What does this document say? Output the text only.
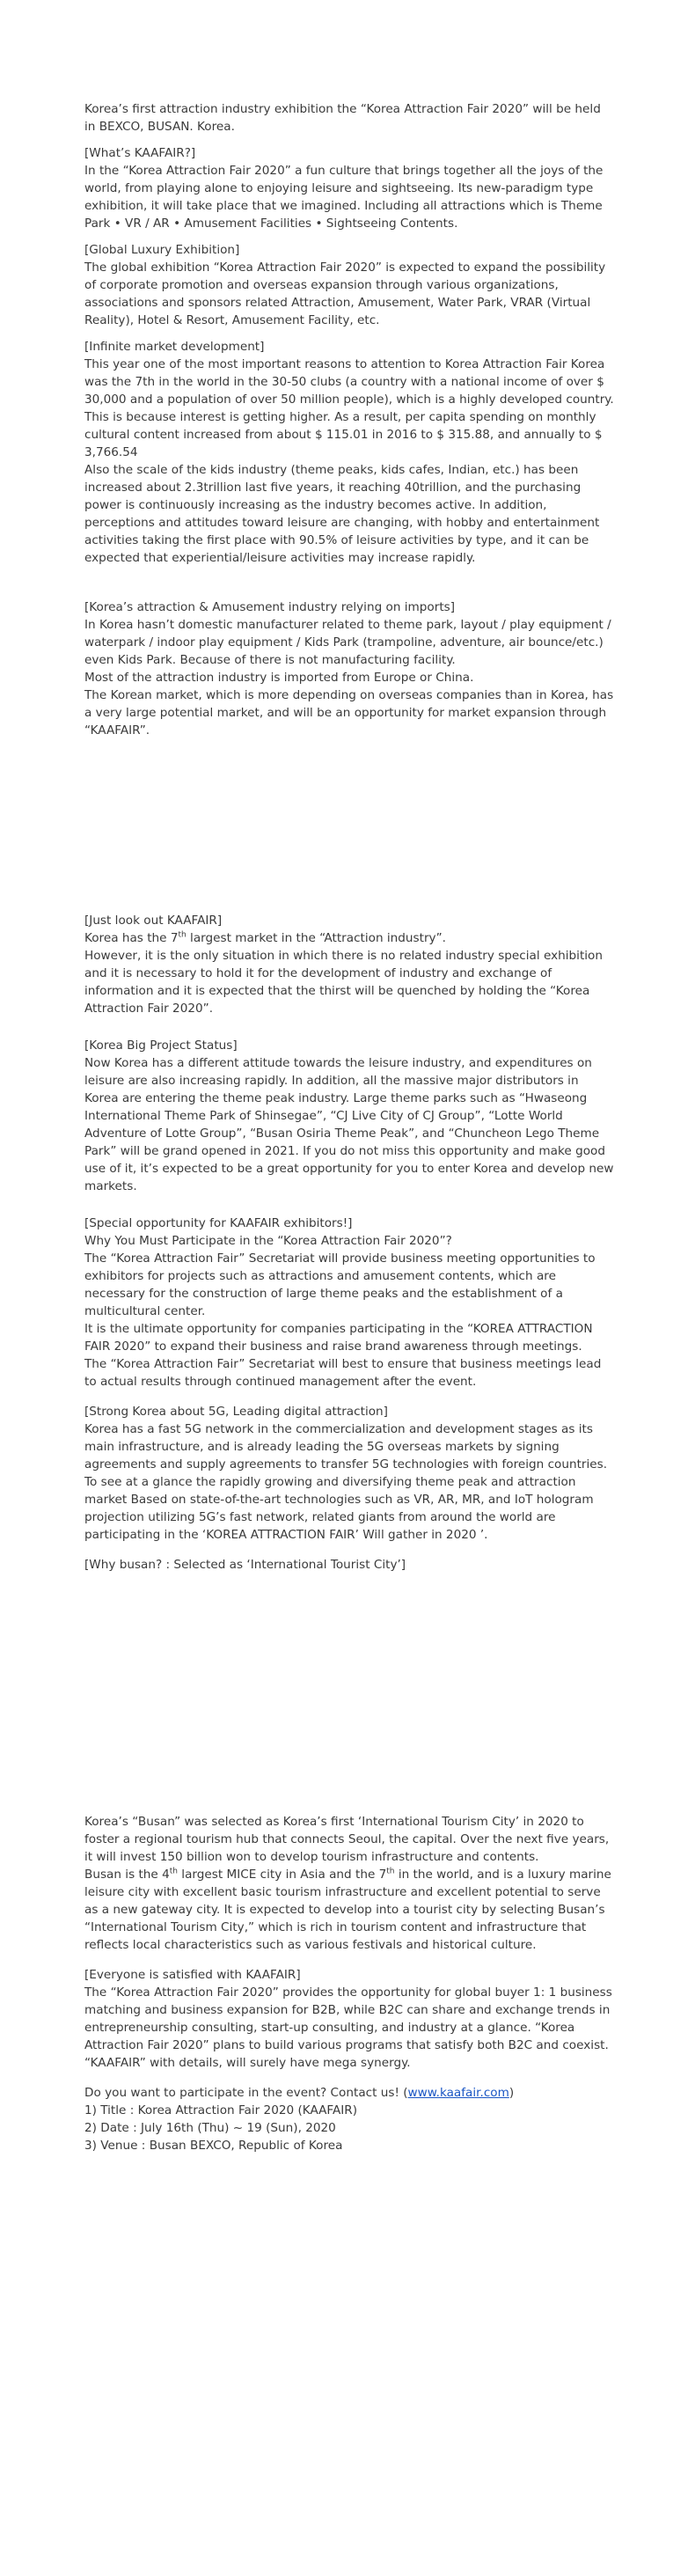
Korea’s first attraction industry exhibition the “Korea Attraction Fair 2020” will be held in BEXCO, BUSAN. Korea.

[What’s KAAFAIR?]

In the “Korea Attraction Fair 2020” a fun culture that brings together all the joys of the world, from playing alone to enjoying leisure and sightseeing. Its new-paradigm type exhibition, it will take place that we imagined. Including all attractions which is Theme Park • VR / AR • Amusement Facilities • Sightseeing Contents.

[Global Luxury Exhibition]

The global exhibition “Korea Attraction Fair 2020” is expected to expand the possibility of corporate promotion and overseas expansion through various organizations, associations and sponsors related Attraction, Amusement, Water Park, VRAR (Virtual Reality), Hotel & Resort, Amusement Facility, etc.

[Infinite market development]

This year one of the most important reasons to attention to Korea Attraction Fair Korea was the 7th in the world in the 30-50 clubs (a country with a national income of over $ 30,000 and a population of over 50 million people), which is a highly developed country. This is because interest is getting higher. As a result, per capita spending on monthly cultural content increased from about $ 115.01 in 2016 to $ 315.88, and annually to $ 3,766.54

Also the scale of the kids industry (theme peaks, kids cafes, Indian, etc.) has been increased about 2.3trillion last five years, it reaching 40trillion, and the purchasing power is continuously increasing as the industry becomes active. In addition, perceptions and attitudes toward leisure are changing, with hobby and entertainment activities taking the first place with 90.5% of leisure activities by type, and it can be expected that experiential/leisure activities may increase rapidly.

[Korea’s attraction & Amusement industry relying on imports]

In Korea hasn’t domestic manufacturer related to theme park, layout / play equipment / waterpark / indoor play equipment / Kids Park (trampoline, adventure, air bounce/etc.) even Kids Park. Because of there is not manufacturing facility.

Most of the attraction industry is imported from Europe or China.

The Korean market, which is more depending on overseas companies than in Korea, has a very large potential market, and will be an opportunity for market expansion through “KAAFAIR”.

[Just look out KAAFAIR]

Korea has the 7th largest market in the “Attraction industry”.

However, it is the only situation in which there is no related industry special exhibition and it is necessary to hold it for the development of industry and exchange of information and it is expected that the thirst will be quenched by holding the “Korea Attraction Fair 2020”.

[Korea Big Project Status]

Now Korea has a different attitude towards the leisure industry, and expenditures on leisure are also increasing rapidly. In addition, all the massive major distributors in Korea are entering the theme peak industry. Large theme parks such as “Hwaseong International Theme Park of Shinsegae”, “CJ Live City of CJ Group”, “Lotte World Adventure of Lotte Group”, “Busan Osiria Theme Peak”, and “Chuncheon Lego Theme Park” will be grand opened in 2021. If you do not miss this opportunity and make good use of it, it’s expected to be a great opportunity for you to enter Korea and develop new markets.

[Special opportunity for KAAFAIR exhibitors!]

Why You Must Participate in the “Korea Attraction Fair 2020”?

The “Korea Attraction Fair” Secretariat will provide business meeting opportunities to exhibitors for projects such as attractions and amusement contents, which are necessary for the construction of large theme peaks and the establishment of a multicultural center.

It is the ultimate opportunity for companies participating in the “KOREA ATTRACTION FAIR 2020” to expand their business and raise brand awareness through meetings.

The “Korea Attraction Fair” Secretariat will best to ensure that business meetings lead to actual results through continued management after the event.

[Strong Korea about 5G, Leading digital attraction]

Korea has a fast 5G network in the commercialization and development stages as its main infrastructure, and is already leading the 5G overseas markets by signing agreements and supply agreements to transfer 5G technologies with foreign countries. To see at a glance the rapidly growing and diversifying theme peak and attraction market Based on state-of-the-art technologies such as VR, AR, MR, and IoT hologram projection utilizing 5G’s fast network, related giants from around the world are participating in the ‘KOREA ATTRACTION FAIR’ Will gather in 2020 ’.

[Why busan? : Selected as ‘International Tourist City’]

Korea’s “Busan” was selected as Korea’s first ‘International Tourism City’ in 2020 to foster a regional tourism hub that connects Seoul, the capital. Over the next five years, it will invest 150 billion won to develop tourism infrastructure and contents.

Busan is the 4th largest MICE city in Asia and the 7th in the world, and is a luxury marine leisure city with excellent basic tourism infrastructure and excellent potential to serve as a new gateway city. It is expected to develop into a tourist city by selecting Busan’s “International Tourism City,” which is rich in tourism content and infrastructure that reflects local characteristics such as various festivals and historical culture.

[Everyone is satisfied with KAAFAIR]

The “Korea Attraction Fair 2020” provides the opportunity for global buyer 1: 1 business matching and business expansion for B2B, while B2C can share and exchange trends in entrepreneurship consulting, start-up consulting, and industry at a glance. “Korea Attraction Fair 2020” plans to build various programs that satisfy both B2C and coexist.

“KAAFAIR” with details, will surely have mega synergy.

Do you want to participate in the event? Contact us! (www.kaafair.com)

1) Title : Korea Attraction Fair 2020 (KAAFAIR)

2) Date : July 16th (Thu) ~ 19 (Sun), 2020

3) Venue : Busan BEXCO, Republic of Korea
